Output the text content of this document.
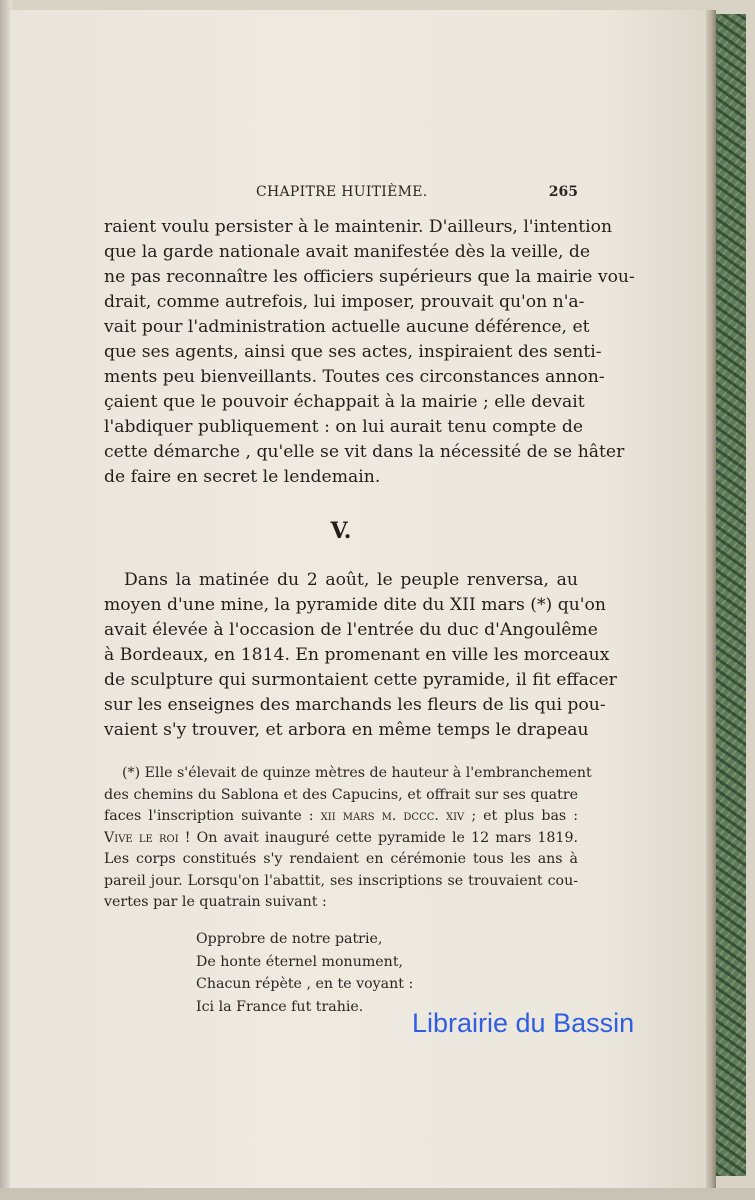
CHAPITRE HUITIÈME.	265
raient voulu persister à le maintenir. D'ailleurs, l'intention
que la garde nationale avait manifestée dès la veille, de
ne pas reconnaître les officiers supérieurs que la mairie vou-
drait, comme autrefois, lui imposer, prouvait qu'on n'a-
vait pour l'administration actuelle aucune déférence, et
que ses agents, ainsi que ses actes, inspiraient des senti-
ments peu bienveillants. Toutes ces circonstances annon-
çaient que le pouvoir échappait à la mairie ; elle devait
l'abdiquer publiquement : on lui aurait tenu compte de
cette démarche , qu'elle se vit dans la nécessité de se hâter
de faire en secret le lendemain.
V.
Dans la matinée du 2 août, le peuple renversa, au
moyen d'une mine, la pyramide dite du XII mars (*) qu'on
avait élevée à l'occasion de l'entrée du duc d'Angoulême
à Bordeaux, en 1814. En promenant en ville les morceaux
de sculpture qui surmontaient cette pyramide, il fit effacer
sur les enseignes des marchands les fleurs de lis qui pou-
vaient s'y trouver, et arbora en même temps le drapeau
(*) Elle s'élevait de quinze mètres de hauteur à l'embranchement
des chemins du Sablona et des Capucins, et offrait sur ses quatre
faces l'inscription suivante : xii mars m. dccc. xiv ; et plus bas :
Vive le roi ! On avait inauguré cette pyramide le 12 mars 1819.
Les corps constitués s'y rendaient en cérémonie tous les ans à
pareil jour. Lorsqu'on l'abattit, ses inscriptions se trouvaient cou-
vertes par le quatrain suivant :
Opprobre de notre patrie,
De honte éternel monument,
Chacun répète , en te voyant :
Ici la France fut trahie.
Librairie du Bassin
